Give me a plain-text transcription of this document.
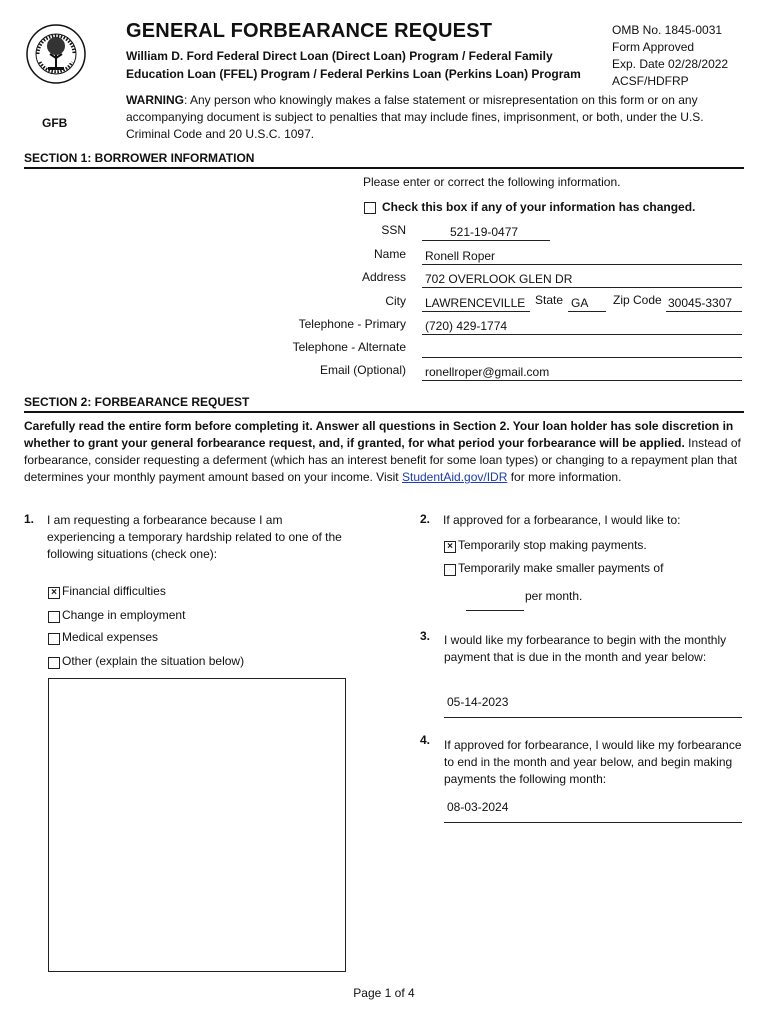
GFB
GENERAL FORBEARANCE REQUEST
William D. Ford Federal Direct Loan (Direct Loan) Program / Federal Family Education Loan (FFEL) Program / Federal Perkins Loan (Perkins Loan) Program
OMB No. 1845-0031
Form Approved
Exp. Date 02/28/2022
ACSF/HDFRP
WARNING: Any person who knowingly makes a false statement or misrepresentation on this form or on any accompanying document is subject to penalties that may include fines, imprisonment, or both, under the U.S. Criminal Code and 20 U.S.C. 1097.
SECTION 1: BORROWER INFORMATION
Please enter or correct the following information.
Check this box if any of your information has changed.
SSN	521-19-0477
Name Ronell Roper
Address 702 OVERLOOK GLEN DR
City LAWRENCEVILLE State GA	Zip Code 30045-3307
Telephone - Primary (720) 429-1774
Telephone - Alternate
Email (Optional) ronellroper@gmail.com
SECTION 2: FORBEARANCE REQUEST
Carefully read the entire form before completing it. Answer all questions in Section 2. Your loan holder has sole discretion in whether to grant your general forbearance request, and, if granted, for what period your forbearance will be applied. Instead of forbearance, consider requesting a deferment (which has an interest benefit for some loan types) or changing to a repayment plan that determines your monthly payment amount based on your income. Visit StudentAid.gov/IDR for more information.
1. I am requesting a forbearance because I am experiencing a temporary hardship related to one of the following situations (check one):
× Financial difficulties
Change in employment
Medical expenses
Other (explain the situation below)
2. If approved for a forbearance, I would like to:
× Temporarily stop making payments.
Temporarily make smaller payments of
per month.
3. I would like my forbearance to begin with the monthly payment that is due in the month and year below:
05-14-2023
4. If approved for forbearance, I would like my forbearance to end in the month and year below, and begin making payments the following month:
08-03-2024
Page 1 of 4
